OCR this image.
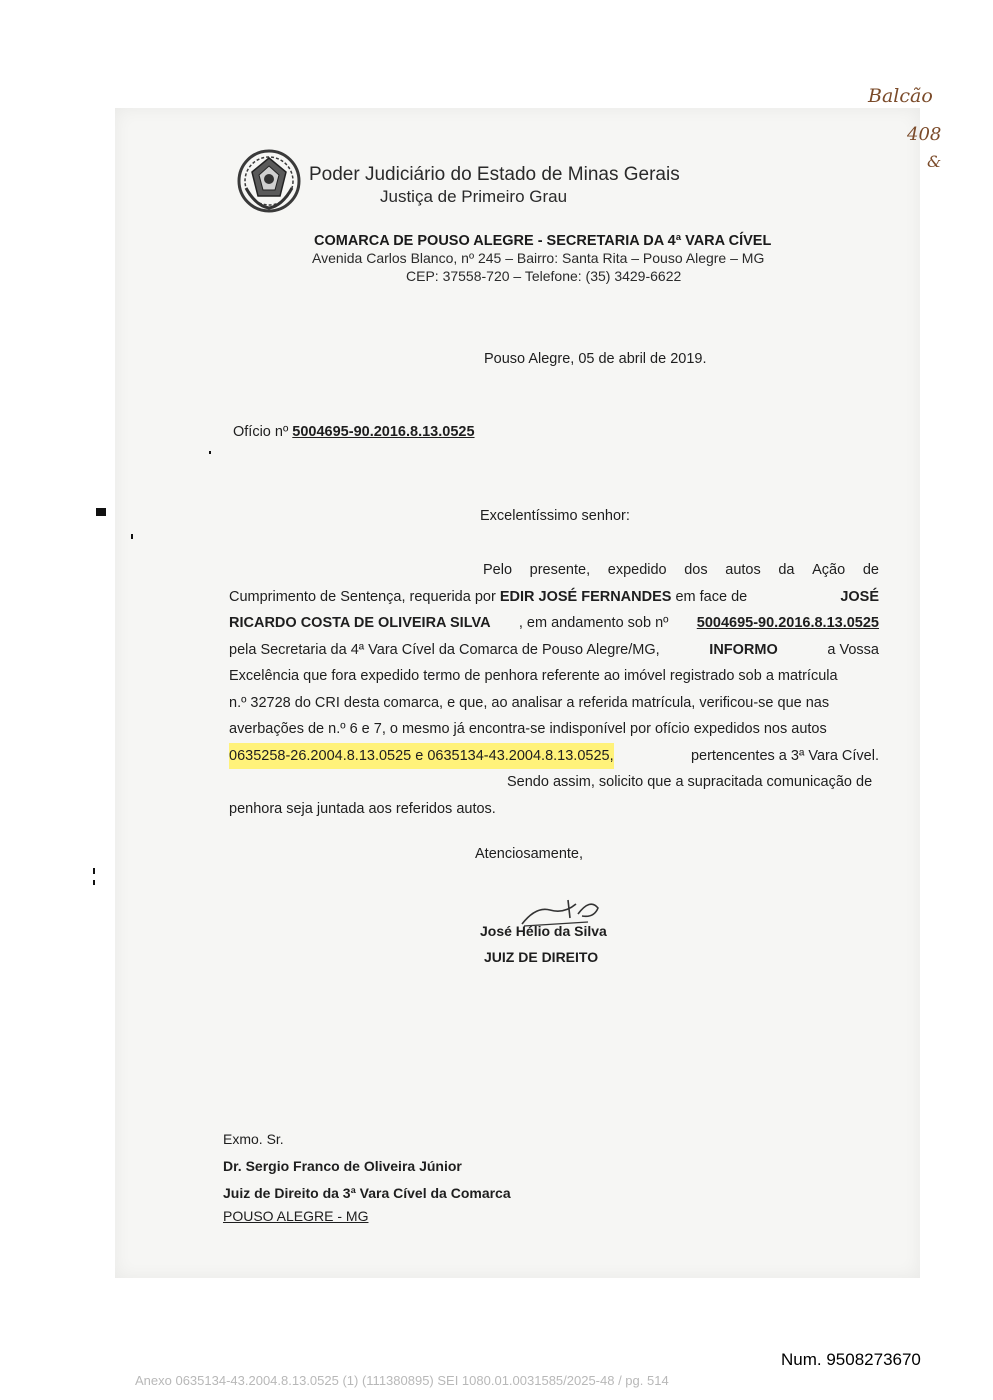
Balcão
408
&
Poder Judiciário do Estado de Minas Gerais
Justiça de Primeiro Grau
COMARCA DE POUSO ALEGRE - SECRETARIA DA 4ª VARA CÍVEL
Avenida Carlos Blanco, nº 245 – Bairro: Santa Rita – Pouso Alegre – MG
CEP: 37558-720 – Telefone: (35) 3429-6622
Pouso Alegre, 05 de abril de 2019.
Ofício nº 5004695-90.2016.8.13.0525
Excelentíssimo senhor:
Pelo presente, expedido dos autos da Ação de
Cumprimento de Sentença, requerida por EDIR JOSÉ FERNANDES em face de	JOSÉ
RICARDO COSTA DE OLIVEIRA SILVA , em andamento sob nº 5004695-90.2016.8.13.0525
pela Secretaria da 4ª Vara Cível da Comarca de Pouso Alegre/MG,	INFORMO	a Vossa
Excelência que fora expedido termo de penhora referente ao imóvel registrado sob a matrícula
n.º 32728 do CRI desta comarca, e que, ao analisar a referida matrícula, verificou-se que nas
averbações de n.º 6 e 7, o mesmo já encontra-se indisponível por ofício expedidos nos autos
0635258-26.2004.8.13.0525 e 0635134-43.2004.8.13.0525,	pertencentes a 3ª Vara Cível.
Sendo assim, solicito que a supracitada comunicação de
penhora seja juntada aos referidos autos.
Atenciosamente,
José Hélio da Silva
JUIZ DE DIREITO
Exmo. Sr.
Dr. Sergio Franco de Oliveira Júnior
Juiz de Direito da 3ª Vara Cível da Comarca
POUSO ALEGRE - MG
Num. 9508273670
Anexo 0635134-43.2004.8.13.0525 (1) (111380895) SEI 1080.01.0031585/2025-48 / pg. 514
